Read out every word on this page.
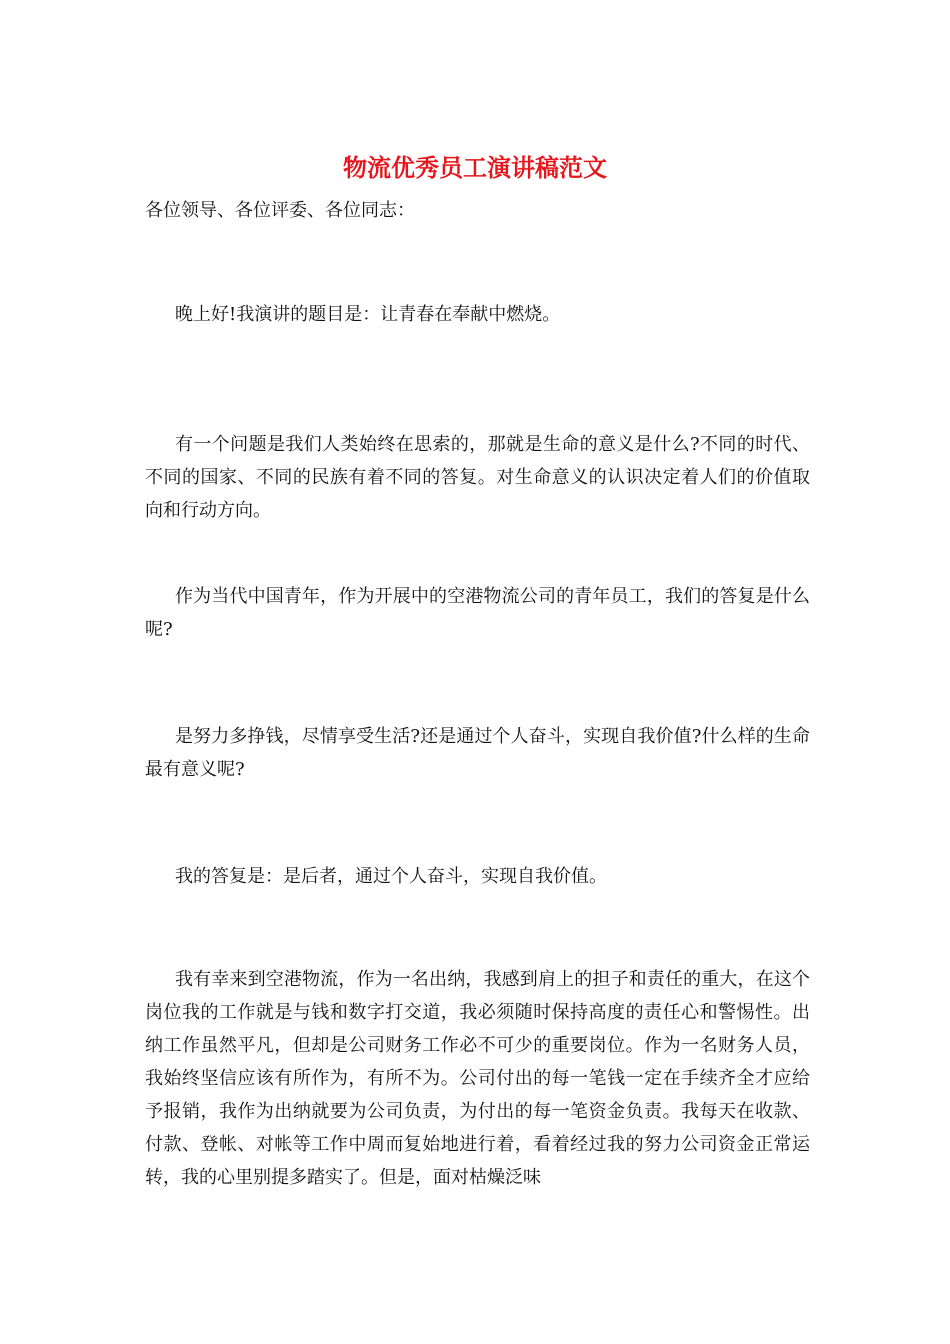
物流优秀员工演讲稿范文

各位领导、各位评委、各位同志：

晚上好!我演讲的题目是：让青春在奉献中燃烧。

有一个问题是我们人类始终在思索的，那就是生命的意义是什么?不同的时代、不同的国家、不同的民族有着不同的答复。对生命意义的认识决定着人们的价值取向和行动方向。

作为当代中国青年，作为开展中的空港物流公司的青年员工，我们的答复是什么呢?

是努力多挣钱，尽情享受生活?还是通过个人奋斗，实现自我价值?什么样的生命最有意义呢?

我的答复是：是后者，通过个人奋斗，实现自我价值。

我有幸来到空港物流，作为一名出纳，我感到肩上的担子和责任的重大，在这个岗位我的工作就是与钱和数字打交道，我必须随时保持高度的责任心和警惕性。出纳工作虽然平凡，但却是公司财务工作必不可少的重要岗位。作为一名财务人员，我始终坚信应该有所作为，有所不为。公司付出的每一笔钱一定在手续齐全才应给予报销，我作为出纳就要为公司负责，为付出的每一笔资金负责。我每天在收款、付款、登帐、对帐等工作中周而复始地进行着，看着经过我的努力公司资金正常运转，我的心里别提多踏实了。但是，面对枯燥泛味
